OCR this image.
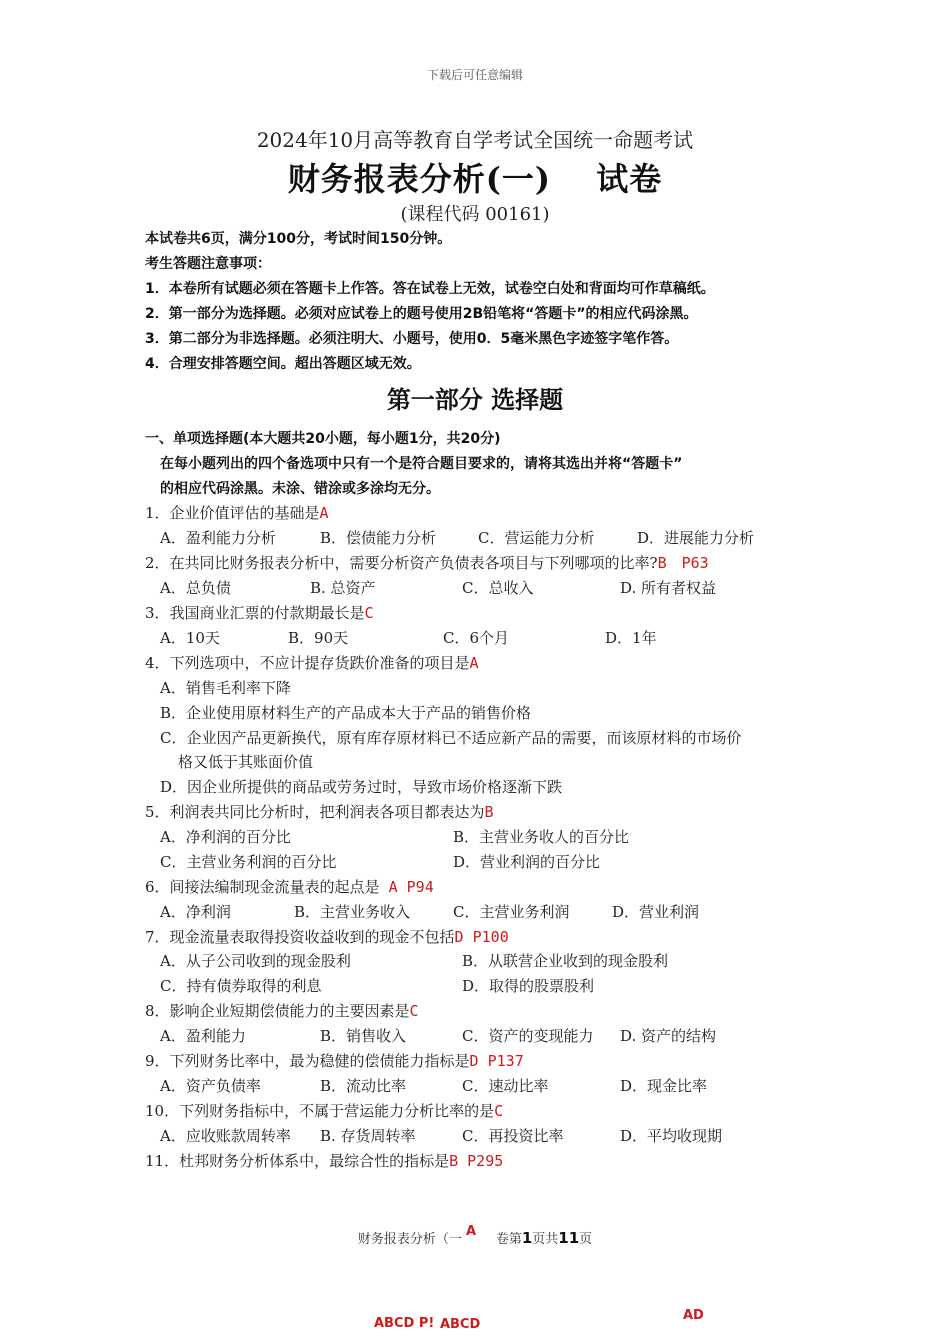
下载后可任意编辑
2024年10月高等教育自学考试全国统一命题考试
财务报表分析(一)　 试卷
(课程代码 00161)
本试卷共6页，满分100分，考试时间150分钟。
考生答题注意事项：
1．本卷所有试题必须在答题卡上作答。答在试卷上无效，试卷空白处和背面均可作草稿纸。
2．第一部分为选择题。必须对应试卷上的题号使用2B铅笔将“答题卡”的相应代码涂黑。
3．第二部分为非选择题。必须注明大、小题号，使用0．5毫米黑色字迹签字笔作答。
4．合理安排答题空间。超出答题区域无效。
第一部分 选择题
一、单项选择题(本大题共20小题，每小题1分，共20分)
在每小题列出的四个备选项中只有一个是符合题目要求的，请将其选出并将“答题卡”
的相应代码涂黑。未涂、错涂或多涂均无分。
1．企业价值评估的基础是A
A．盈利能力分析	B．偿债能力分析	C．营运能力分析	D．进展能力分析
2．在共同比财务报表分析中，需要分析资产负债表各项目与下列哪项的比率?B　P63
A．总负债	B. 总资产	C．总收入	D. 所有者权益
3．我国商业汇票的付款期最长是C
A．10天	B．90天	C．6个月	D．1年
4．下列选项中，不应计提存货跌价准备的项目是A
A．销售毛利率下降
B．企业使用原材料生产的产品成本大于产品的销售价格
C．企业因产品更新换代，原有库存原材料已不适应新产品的需要，而该原材料的市场价
格又低于其账面价值
D．因企业所提供的商品或劳务过时，导致市场价格逐渐下跌
5．利润表共同比分析时，把利润表各项目都表达为B
A．净利润的百分比	B．主营业务收人的百分比
C．主营业务利润的百分比	D．营业利润的百分比
6．间接法编制现金流量表的起点是 A P94
A．净利润	B．主营业务收入	C．主营业务利润	D．营业利润
7．现金流量表取得投资收益收到的现金不包括D P100
A．从子公司收到的现金股利	B．从联营企业收到的现金股利
C．持有债券取得的利息	D．取得的股票股利
8．影响企业短期偿债能力的主要因素是C
A．盈利能力	B．销售收入	C．资产的变现能力 D. 资产的结构
9．下列财务比率中，最为稳健的偿债能力指标是D P137
A．资产负债率	B．流动比率	C．速动比率	D．现金比率
10．下列财务指标中，不属于营运能力分析比率的是C
A．应收账款周转率 B. 存货周转率	C．再投资比率	D．平均收现期
11．杜邦财务分析体系中，最综合性的指标是B P295
财务报表分析（一	卷第1页共11页
A
ABCD P! ABCD
AD
